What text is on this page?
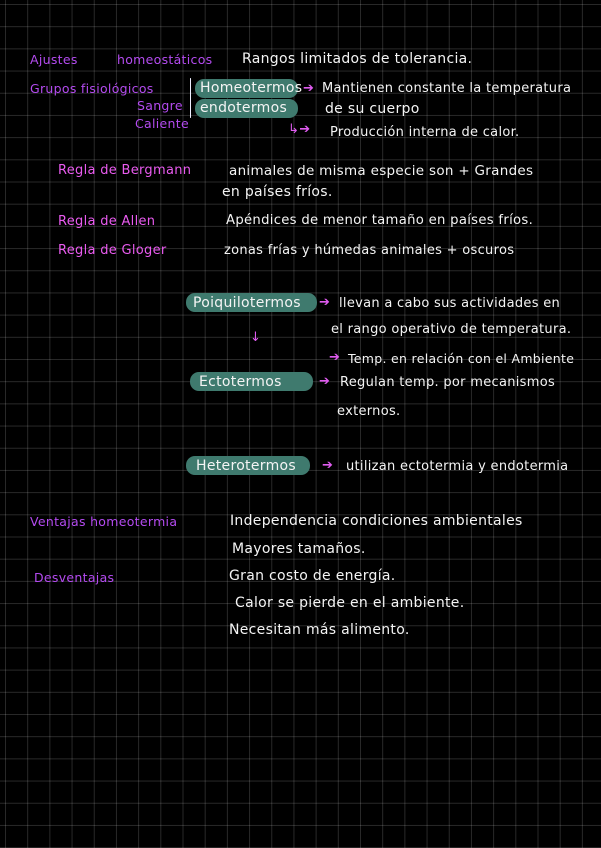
Ajustes	homeostáticos Rangos limitados de tolerancia.
Grupos fisiológicos	Homeotermos
endotermos
Sangre
Caliente
➔ Mantienen constante la temperatura
de su cuerpo
↳➔ Producción interna de calor.
Regla de Bergmann	animales de misma especie son + Grandes
en países fríos.
Regla de Allen	Apéndices de menor tamaño en países fríos.
Regla de Gloger	zonas frías y húmedas animales + oscuros
Poiquilotermos ➔ llevan a cabo sus actividades en
el rango operativo de temperatura.
↓
➔ Temp. en relación con el Ambiente
Ectotermos	➔ Regulan temp. por mecanismos
externos.
Heterotermos ➔ utilizan ectotermia y endotermia
Ventajas homeotermia	Independencia condiciones ambientales
Mayores tamaños.
Desventajas	Gran costo de energía.
Calor se pierde en el ambiente.
Necesitan más alimento.
